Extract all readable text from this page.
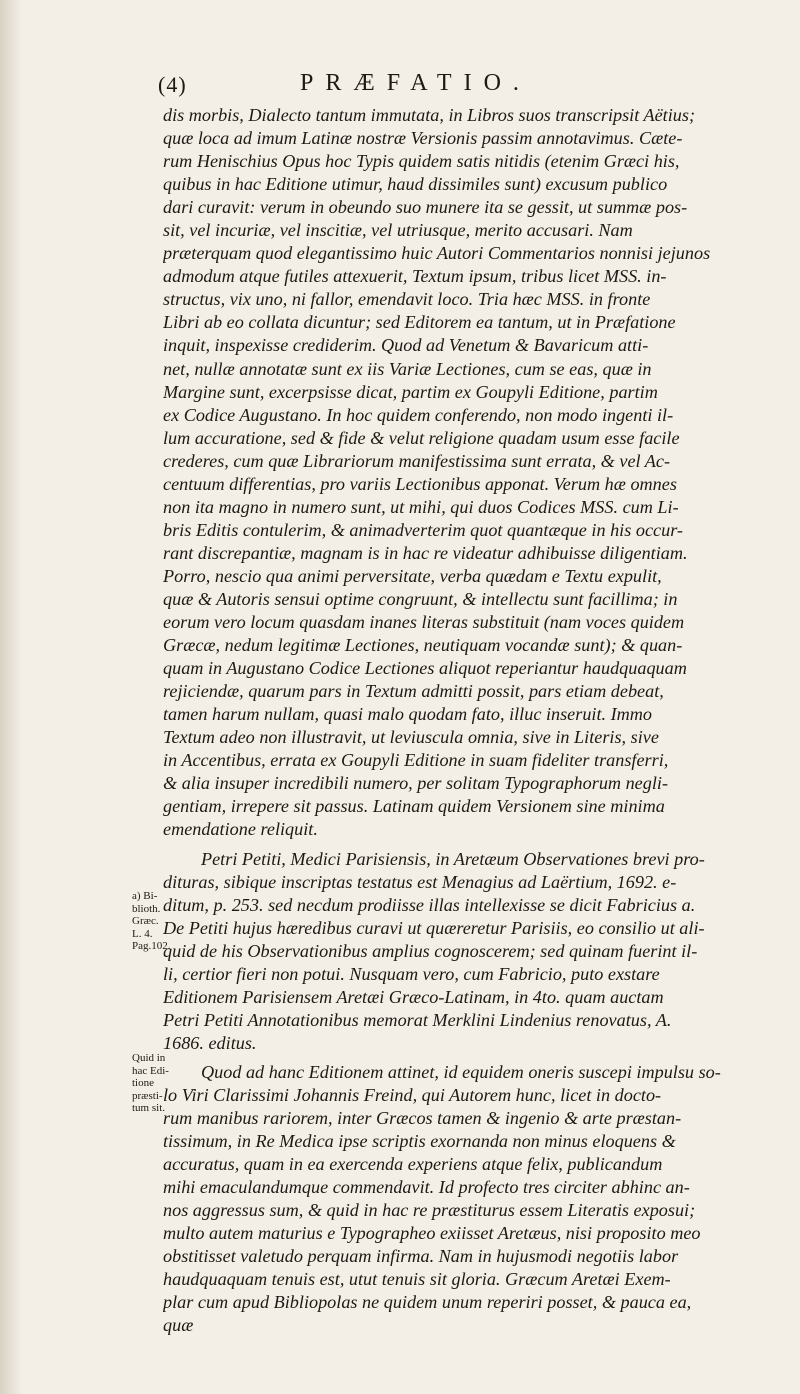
(4)	PRÆFATIO.
dis morbis, Dialecto tantum immutata, in Libros suos transcripsit Aëtius;
quæ loca ad imum Latinæ nostræ Versionis passim annotavimus. Cæte-
rum Henischius Opus hoc Typis quidem satis nitidis (etenim Græci his,
quibus in hac Editione utimur, haud dissimiles sunt) excusum publico
dari curavit: verum in obeundo suo munere ita se gessit, ut summæ pos-
sit, vel incuriæ, vel inscitiæ, vel utriusque, merito accusari. Nam
præterquam quod elegantissimo huic Autori Commentarios nonnisi jejunos
admodum atque futiles attexuerit, Textum ipsum, tribus licet MSS. in-
structus, vix uno, ni fallor, emendavit loco. Tria hæc MSS. in fronte
Libri ab eo collata dicuntur; sed Editorem ea tantum, ut in Præfatione
inquit, inspexisse crediderim. Quod ad Venetum & Bavaricum atti-
net, nullæ annotatæ sunt ex iis Variæ Lectiones, cum se eas, quæ in
Margine sunt, excerpsisse dicat, partim ex Goupyli Editione, partim
ex Codice Augustano. In hoc quidem conferendo, non modo ingenti il-
lum accuratione, sed & fide & velut religione quadam usum esse facile
crederes, cum quæ Librariorum manifestissima sunt errata, & vel Ac-
centuum differentias, pro variis Lectionibus apponat. Verum hæ omnes
non ita magno in numero sunt, ut mihi, qui duos Codices MSS. cum Li-
bris Editis contulerim, & animadverterim quot quantæque in his occur-
rant discrepantiæ, magnam is in hac re videatur adhibuisse diligentiam.
Porro, nescio qua animi perversitate, verba quædam e Textu expulit,
quæ & Autoris sensui optime congruunt, & intellectu sunt facillima; in
eorum vero locum quasdam inanes literas substituit (nam voces quidem
Græcæ, nedum legitimæ Lectiones, neutiquam vocandæ sunt); & quan-
quam in Augustano Codice Lectiones aliquot reperiantur haudquaquam
rejiciendæ, quarum pars in Textum admitti possit, pars etiam debeat,
tamen harum nullam, quasi malo quodam fato, illuc inseruit. Immo
Textum adeo non illustravit, ut leviuscula omnia, sive in Literis, sive
in Accentibus, errata ex Goupyli Editione in suam fideliter transferri,
& alia insuper incredibili numero, per solitam Typographorum negli-
gentiam, irrepere sit passus. Latinam quidem Versionem sine minima
emendatione reliquit.
Petri Petiti, Medici Parisiensis, in Aretæum Observationes brevi pro-
dituras, sibique inscriptas testatus est Menagius ad Laërtium, 1692. e-
ditum, p. 253. sed necdum prodiisse illas intellexisse se dicit Fabricius a.
De Petiti hujus hæredibus curavi ut quæreretur Parisiis, eo consilio ut ali-
quid de his Observationibus amplius cognoscerem; sed quinam fuerint il-
li, certior fieri non potui. Nusquam vero, cum Fabricio, puto exstare
Editionem Parisiensem Aretæi Græco-Latinam, in 4to. quam auctam
Petri Petiti Annotationibus memorat Merklini Lindenius renovatus, A.
1686. editus.
Quod ad hanc Editionem attinet, id equidem oneris suscepi impulsu so-
lo Viri Clarissimi Johannis Freind, qui Autorem hunc, licet in docto-
rum manibus rariorem, inter Græcos tamen & ingenio & arte præstan-
tissimum, in Re Medica ipse scriptis exornanda non minus eloquens &
accuratus, quam in ea exercenda experiens atque felix, publicandum
mihi emaculandumque commendavit. Id profecto tres circiter abhinc an-
nos aggressus sum, & quid in hac re præstiturus essem Literatis exposui;
multo autem maturius e Typographeo exiisset Aretæus, nisi proposito meo
obstitisset valetudo perquam infirma. Nam in hujusmodi negotiis labor
haudquaquam tenuis est, utut tenuis sit gloria. Græcum Aretæi Exem-
plar cum apud Bibliopolas ne quidem unum reperiri posset, & pauca ea,
quæ
a) Bi-
blioth.
Græc.
L. 4.
Pag.102.
Quid in
hac Edi-
tione
præsti-
tum sit.
